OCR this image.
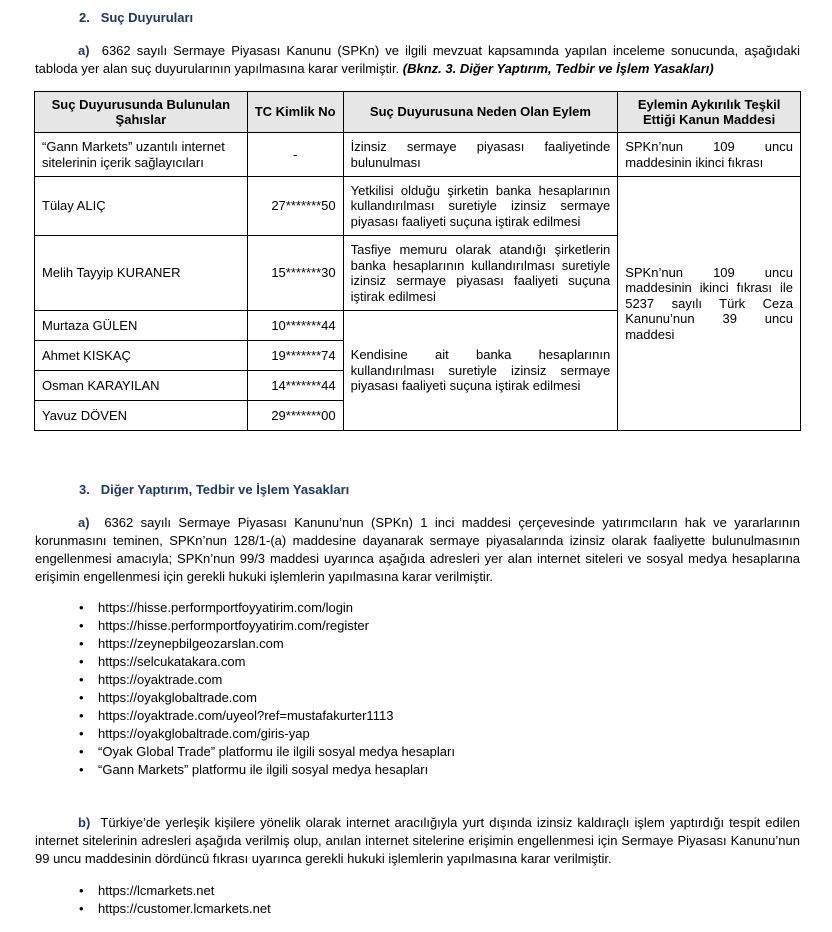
2. Suç Duyuruları
a) 6362 sayılı Sermaye Piyasası Kanunu (SPKn) ve ilgili mevzuat kapsamında yapılan inceleme sonucunda, aşağıdaki tabloda yer alan suç duyurularının yapılmasına karar verilmiştir. (Bknz. 3. Diğer Yaptırım, Tedbir ve İşlem Yasakları)
Suç Duyurusunda Bulunulan Şahıslar	TC Kimlik No	Suç Duyurusuna Neden Olan Eylem	Eylemin Aykırılık Teşkil Ettiği Kanun Maddesi
“Gann Markets” uzantılı internet sitelerinin içerik sağlayıcıları	-	İzinsiz sermaye piyasası faaliyetinde bulunulması	SPKn’nun 109 uncu maddesinin ikinci fıkrası
Tülay ALIÇ	27*******50	Yetkilisi olduğu şirketin banka hesaplarının kullandırılması suretiyle izinsiz sermaye piyasası faaliyeti suçuna iştirak edilmesi	SPKn’nun 109 uncu maddesinin ikinci fıkrası ile 5237 sayılı Türk Ceza Kanunu’nun 39 uncu maddesi
Melih Tayyip KURANER	15*******30	Tasfiye memuru olarak atandığı şirketlerin banka hesaplarının kullandırılması suretiyle izinsiz sermaye piyasası faaliyeti suçuna iştirak edilmesi	
Murtaza GÜLEN	10*******44	Kendisine ait banka hesaplarının kullandırılması suretiyle izinsiz sermaye piyasası faaliyeti suçuna iştirak edilmesi	
Ahmet KISKAÇ	19*******74		
Osman KARAYILAN	14*******44		
Yavuz DÖVEN	29*******00		
3. Diğer Yaptırım, Tedbir ve İşlem Yasakları
a) 6362 sayılı Sermaye Piyasası Kanunu’nun (SPKn) 1 inci maddesi çerçevesinde yatırımcıların hak ve yararlarının korunmasını teminen, SPKn’nun 128/1-(a) maddesine dayanarak sermaye piyasalarında izinsiz olarak faaliyette bulunulmasının engellenmesi amacıyla; SPKn’nun 99/3 maddesi uyarınca aşağıda adresleri yer alan internet siteleri ve sosyal medya hesaplarına erişimin engellenmesi için gerekli hukuki işlemlerin yapılmasına karar verilmiştir.
• https://hisse.performportfoyyatirim.com/login
• https://hisse.performportfoyyatirim.com/register
• https://zeynepbilgeozarslan.com
• https://selcukatakara.com
• https://oyaktrade.com
• https://oyakglobaltrade.com
• https://oyaktrade.com/uyeol?ref=mustafakurter1113
• https://oyakglobaltrade.com/giris-yap
• “Oyak Global Trade” platformu ile ilgili sosyal medya hesapları
• “Gann Markets” platformu ile ilgili sosyal medya hesapları
b) Türkiye’de yerleşik kişilere yönelik olarak internet aracılığıyla yurt dışında izinsiz kaldıraçlı işlem yaptırdığı tespit edilen internet sitelerinin adresleri aşağıda verilmiş olup, anılan internet sitelerine erişimin engellenmesi için Sermaye Piyasası Kanunu’nun 99 uncu maddesinin dördüncü fıkrası uyarınca gerekli hukuki işlemlerin yapılmasına karar verilmiştir.
• https://lcmarkets.net
• https://customer.lcmarkets.net
